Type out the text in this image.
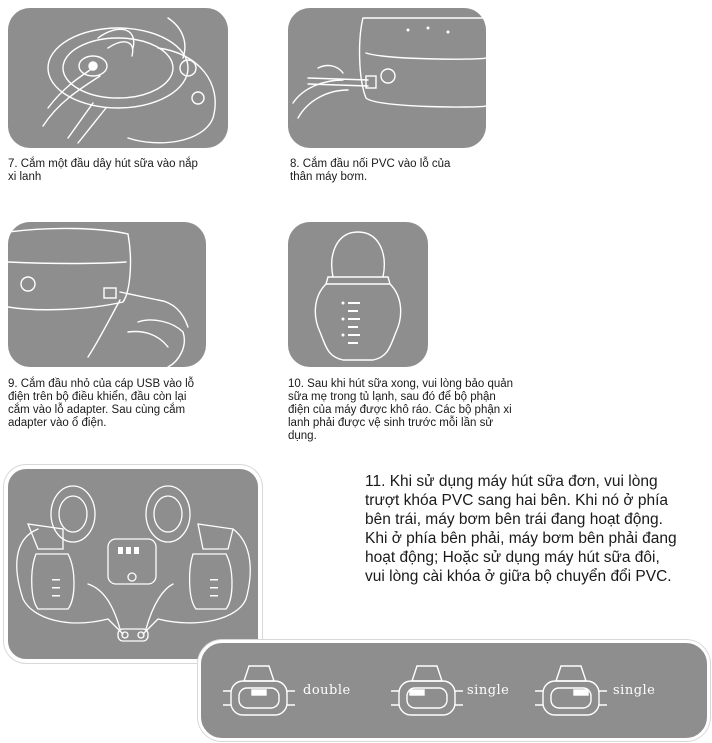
7. Cắm một đầu dây hút sữa vào nắp
xi lanh
8. Cắm đầu nối PVC vào lỗ của
thân máy bơm.
9. Cắm đầu nhỏ của cáp USB vào lỗ
điện trên bộ điều khiển, đầu còn lại
cắm vào lỗ adapter. Sau cùng cắm
adapter vào ổ điện.
10. Sau khi hút sữa xong, vui lòng bảo quản
sữa mẹ trong tủ lạnh, sau đó để bộ phận
điện của máy được khô ráo. Các bộ phận xi
lanh phải được vệ sinh trước mỗi lần sử
dụng.
11. Khi sử dụng máy hút sữa đơn, vui lòng
trượt khóa PVC sang hai bên. Khi nó ở phía
bên trái, máy bơm bên trái đang hoạt động.
Khi ở phía bên phải, máy bơm bên phải đang
hoạt động; Hoặc sử dụng máy hút sữa đôi,
vui lòng cài khóa ở giữa bộ chuyển đổi PVC.
double	single	single
